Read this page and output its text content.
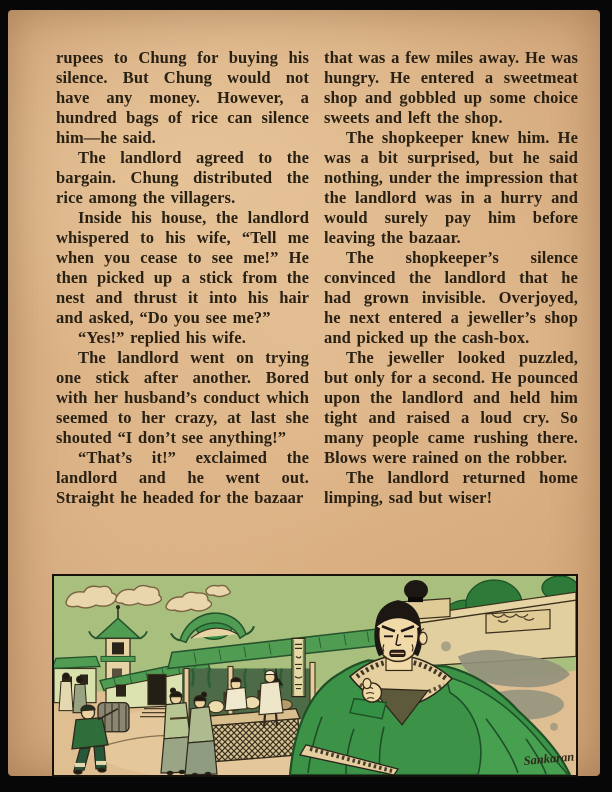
rupees to Chung for buying his silence. But Chung would not have any money. However, a hundred bags of rice can silence him—he said.

The landlord agreed to the bargain. Chung distributed the rice among the villagers.

Inside his house, the landlord whispered to his wife, “Tell me when you cease to see me!” He then picked up a stick from the nest and thrust it into his hair and asked, “Do you see me?”

“Yes!” replied his wife.

The landlord went on trying one stick after another. Bored with her husband’s conduct which seemed to her crazy, at last she shouted “I don’t see anything!”

“That’s it!” exclaimed the landlord and he went out. Straight he headed for the bazaar

that was a few miles away. He was hungry. He entered a sweetmeat shop and gobbled up some choice sweets and left the shop.

The shopkeeper knew him. He was a bit surprised, but he said nothing, under the impression that the landlord was in a hurry and would surely pay him before leaving the bazaar.

The shopkeeper’s silence convinced the landlord that he had grown invisible. Overjoyed, he next entered a jeweller’s shop and picked up the cash-box.

The jeweller looked puzzled, but only for a second. He pounced upon the landlord and held him tight and raised a loud cry. So many people came rushing there. Blows were rained on the robber.

The landlord returned home limping, sad but wiser!

Sankaran
